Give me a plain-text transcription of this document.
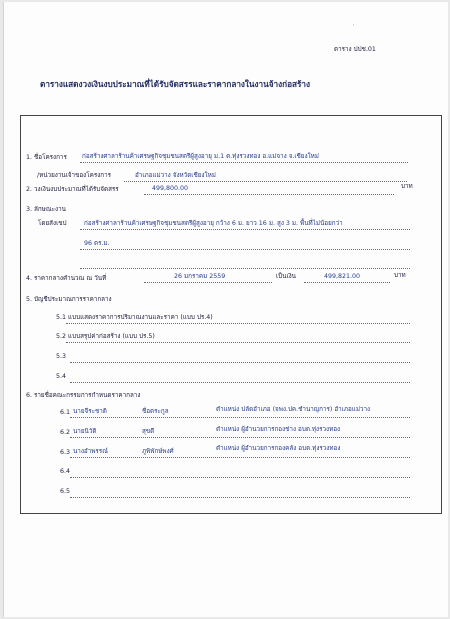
'
ตาราง ปปช.01
ตารางแสดงวงเงินงบประมาณที่ได้รับจัดสรรและราคากลางในงานจ้างก่อสร้าง
1. ชื่อโครงการ ก่อสร้างศาลาร้านค้าเศรษฐกิจชุมชนสตรีผู้สูงอายุ ม.1 ต.ทุ่งรวงทอง อ.แม่จาง จ.เชียงใหม่
/หน่วยงานเจ้าของโครงการ	อำเภอแม่วาง จังหวัดเชียงใหม่
2. วงเงินงบประมาณที่ได้รับจัดสรร	499,800.00	บาท
3. ลักษณะงาน
โดยสังเขป	ก่อสร้างศาลาร้านค้าเศรษฐกิจชุมชนสตรีผู้สูงอายุ กว้าง 6 ม. ยาว 16 ม. สูง 3 ม. พื้นที่ไม่น้อยกว่า
96 ตร.ม.
4. ราคากลางคำนวณ ณ วันที่	26 มกราคม 2559	เป็นเงิน	499,821.00	บาท
5. บัญชีประมาณการราคากลาง
5.1 แบบแสดงราคาการปริมาณงานและราคา (แบบ ปร.4)
5.2 แบบสรุปค่าก่อสร้าง (แบบ ปร.5)
5.3
5.4
6. รายชื่อคณะกรรมการกำหนดราคากลาง
6.1 นายจีระชาติ	ชื่อตระกูล	ตำแหน่ง ปลัดอำเภอ (จพง.ปค.ชำนาญการ) อำเภอแม่วาง
6.2 นายนิวัติ	สุขดี	ตำแหน่ง ผู้อำนวยการกองช่าง อบต.ทุ่งรวงทอง
6.3 นางอำพรรณ์	ภูพิพักษ์พงศ์	ตำแหน่ง ผู้อำนวยการกองคลัง อบต.ทุ่งรวงทอง
6.4
6.5
